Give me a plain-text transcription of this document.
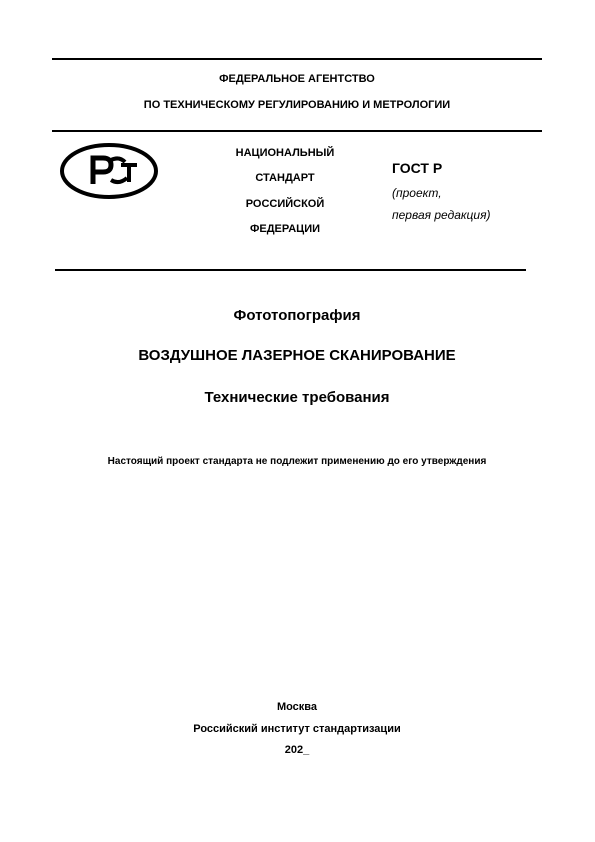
ФЕДЕРАЛЬНОЕ АГЕНТСТВО
ПО ТЕХНИЧЕСКОМУ РЕГУЛИРОВАНИЮ И МЕТРОЛОГИИ
НАЦИОНАЛЬНЫЙ
СТАНДАРТ
РОССИЙСКОЙ
ФЕДЕРАЦИИ
ГОСТ Р
(проект,
первая редакция)
Фототопография
ВОЗДУШНОЕ ЛАЗЕРНОЕ СКАНИРОВАНИЕ
Технические требования
Настоящий проект стандарта не подлежит применению до его утверждения
Москва
Российский институт стандартизации
202_
